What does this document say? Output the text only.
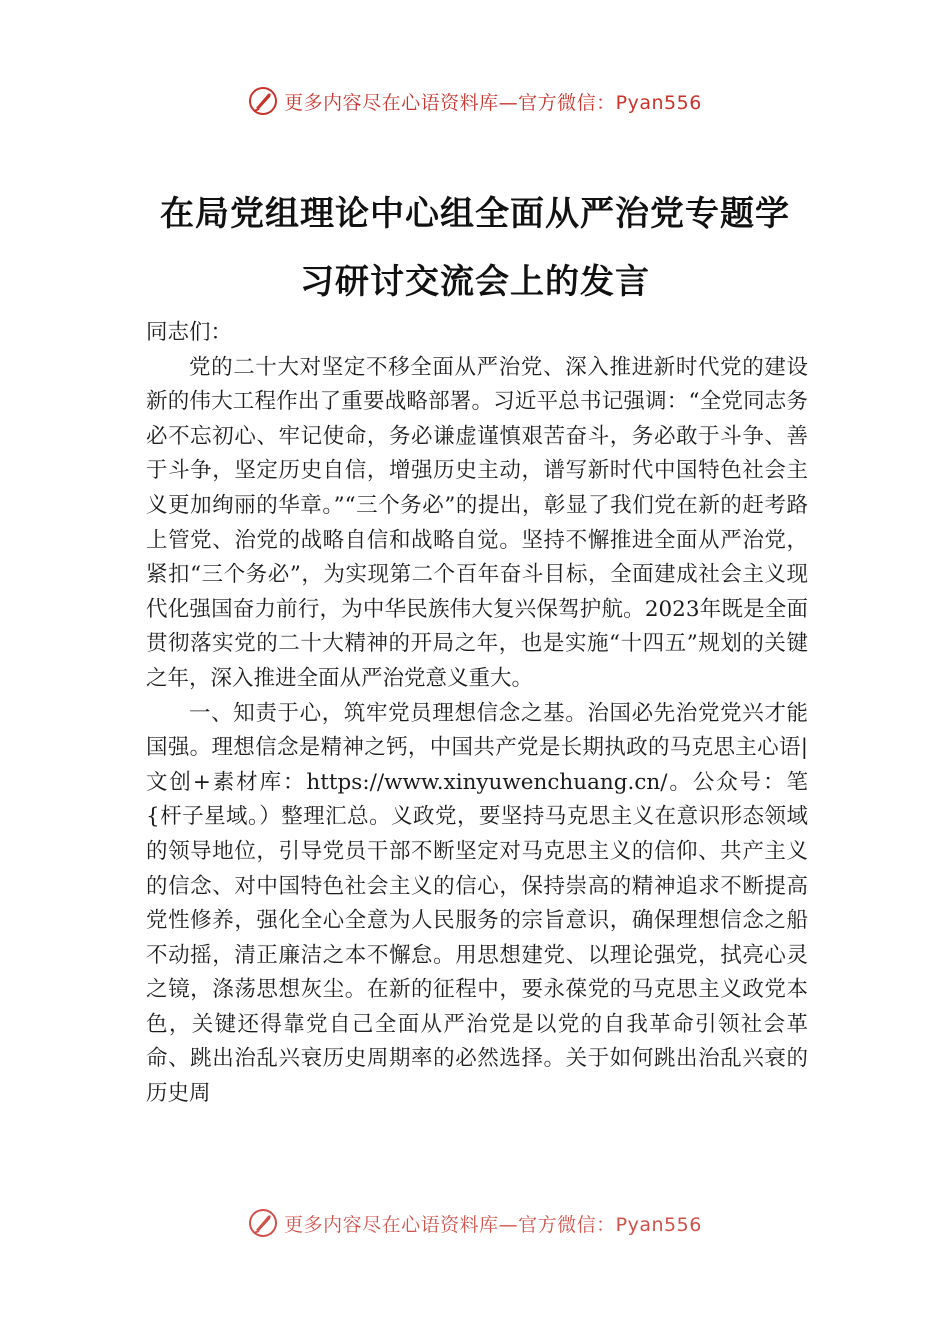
更多内容尽在心语资料库—官方微信：Pyan556
在局党组理论中心组全面从严治党专题学
习研讨交流会上的发言

同志们：

党的二十大对坚定不移全面从严治党、深入推进新时代党的建设新的伟大工程作出了重要战略部署。习近平总书记强调：“全党同志务必不忘初心、牢记使命，务必谦虚谨慎艰苦奋斗，务必敢于斗争、善于斗争，坚定历史自信，增强历史主动，谱写新时代中国特色社会主义更加绚丽的华章。”“三个务必”的提出，彰显了我们党在新的赶考路上管党、治党的战略自信和战略自觉。坚持不懈推进全面从严治党，紧扣“三个务必”，为实现第二个百年奋斗目标，全面建成社会主义现代化强国奋力前行，为中华民族伟大复兴保驾护航。2023年既是全面贯彻落实党的二十大精神的开局之年，也是实施“十四五”规划的关键之年，深入推进全面从严治党意义重大。

一、知责于心，筑牢党员理想信念之基。治国必先治党党兴才能国强。理想信念是精神之钙，中国共产党是长期执政的马克思主心语|文创+素材库：https://www.xinyuwenchuang.cn/。公众号：笔{杆子星域。）整理汇总。义政党，要坚持马克思主义在意识形态领域的领导地位，引导党员干部不断坚定对马克思主义的信仰、共产主义的信念、对中国特色社会主义的信心，保持崇高的精神追求不断提高党性修养，强化全心全意为人民服务的宗旨意识，确保理想信念之船不动摇，清正廉洁之本不懈怠。用思想建党、以理论强党，拭亮心灵之镜，涤荡思想灰尘。在新的征程中，要永葆党的马克思主义政党本色，关键还得靠党自己全面从严治党是以党的自我革命引领社会革命、跳出治乱兴衰历史周期率的必然选择。关于如何跳出治乱兴衰的历史周

更多内容尽在心语资料库—官方微信：Pyan556
